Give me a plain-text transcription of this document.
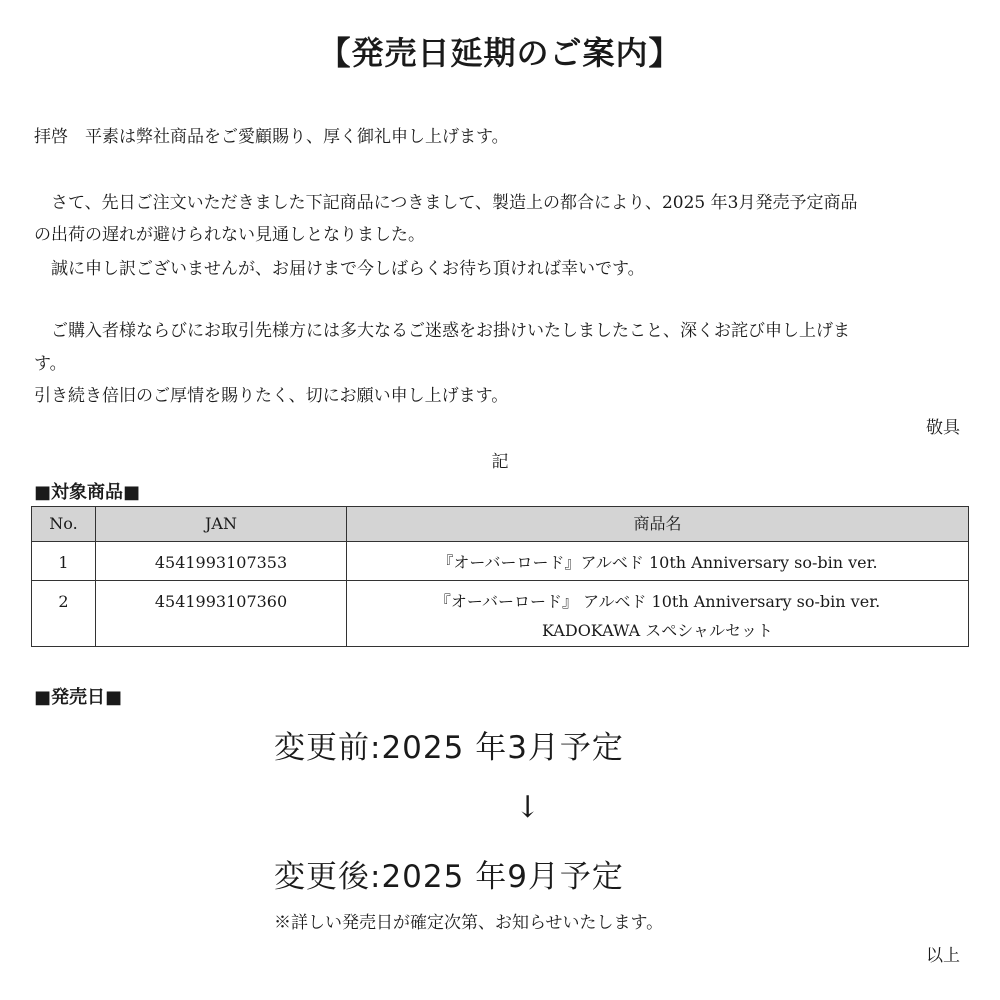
【発売日延期のご案内】
拝啓　平素は弊社商品をご愛顧賜り、厚く御礼申し上げます。
　さて、先日ご注文いただきました下記商品につきまして、製造上の都合により、2025 年3月発売予定商品
の出荷の遅れが避けられない見通しとなりました。
　誠に申し訳ございませんが、お届けまで今しばらくお待ち頂ければ幸いです。
　ご購入者様ならびにお取引先様方には多大なるご迷惑をお掛けいたしましたこと、深くお詫び申し上げま
す。
引き続き倍旧のご厚情を賜りたく、切にお願い申し上げます。
敬具
記
■対象商品■
No.	JAN	商品名
1	4541993107353	『オーバーロード』アルベド 10th Anniversary so-bin ver.

2	4541993107360	『オーバーロード』 アルベド 10th Anniversary so-bin ver.
KADOKAWA スペシャルセット
■発売日■
変更前:2025 年3月予定
↓
変更後:2025 年9月予定
※詳しい発売日が確定次第、お知らせいたします。
以上
